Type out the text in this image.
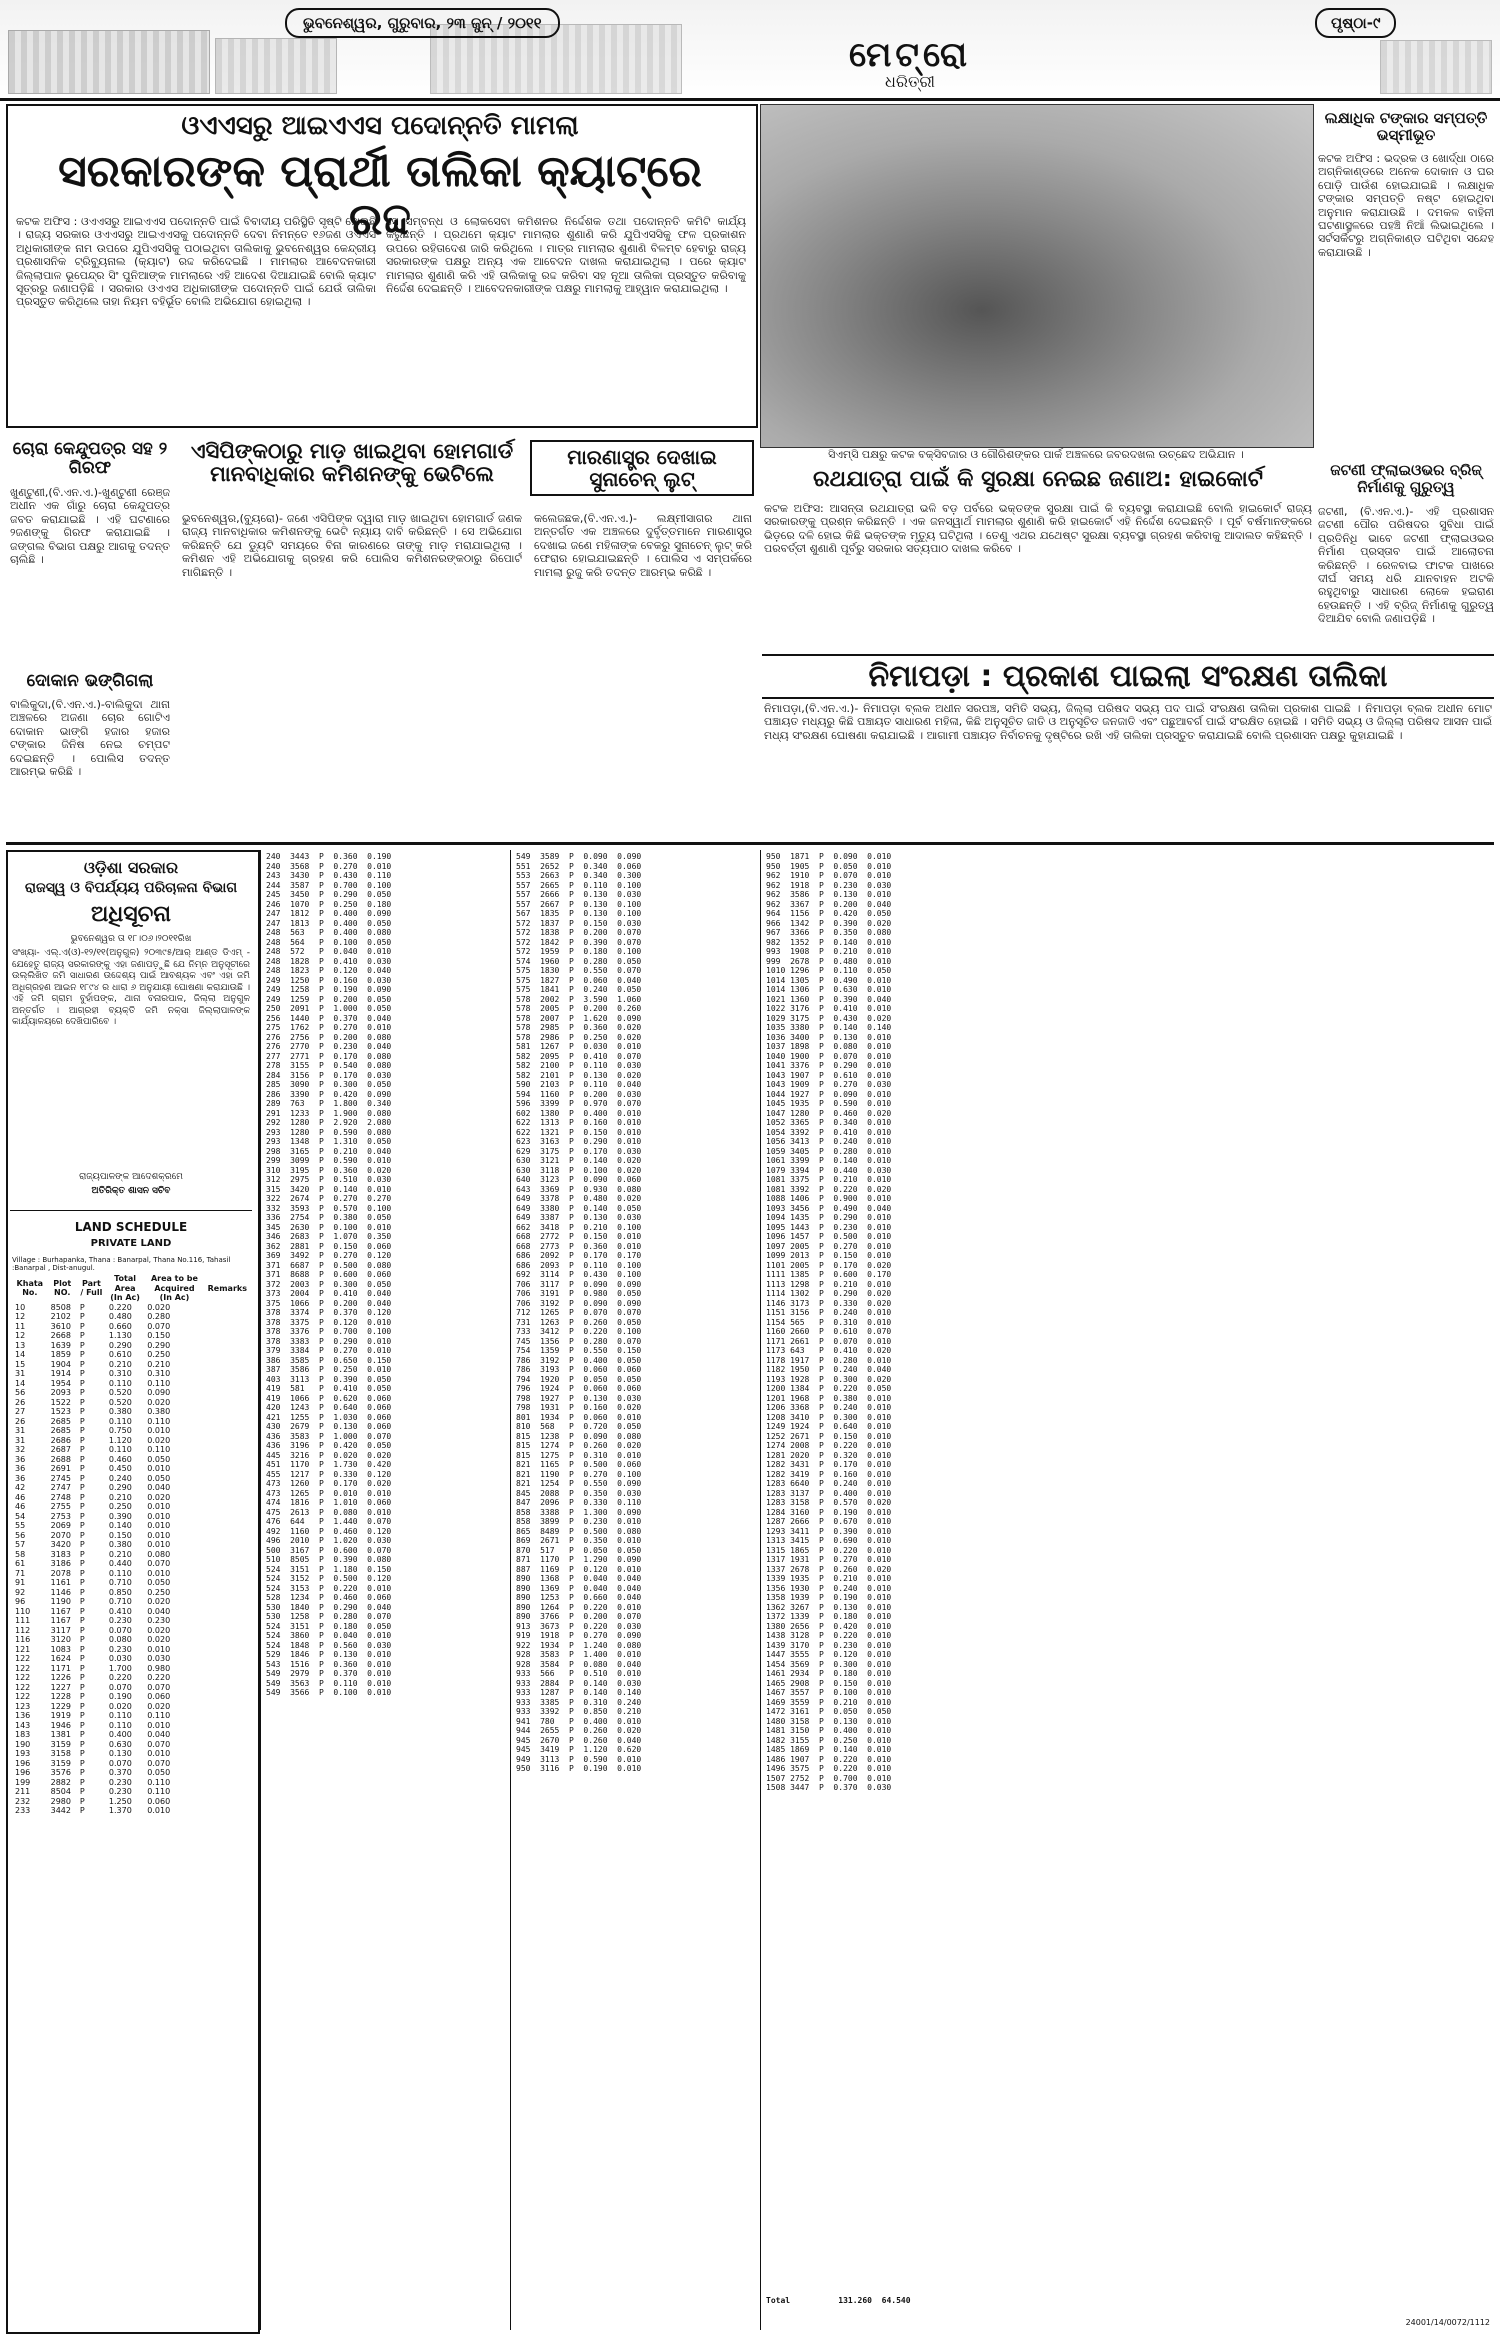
ଭୁବନେଶ୍ୱର, ଗୁରୁବାର, ୨୩ ଜୁନ୍ / ୨୦୧୧	ପୃଷ୍ଠା-୯
ମେଟ୍ରୋ
ଧରିତ୍ରୀ
ଓଏଏସରୁ ଆଇଏଏସ ପଦୋନ୍ନତି ମାମଲା
ସରକାରଙ୍କ ପ୍ରାର୍ଥୀ ତାଲିକା କ୍ୟାଟ୍‌ରେ ରଦ୍ଦ
କଟକ ଅଫିସ : ଓଏଏସରୁ ଆଇଏଏସ ପଦୋନ୍ନତି ପାଇଁ ବିବାଦୀୟ ପରିସ୍ଥିତି ସୃଷ୍ଟି ହୋଇଛି । ରାଜ୍ୟ ସରକାର ଓଏଏସରୁ ଆଇଏଏସକୁ ପଦୋନ୍ନତି ଦେବା ନିମନ୍ତେ ୧୬ଜଣ ଓଏଏସ ଅଧିକାରୀଙ୍କ ନାମ ଉପରେ ଯୁପିଏସସିକୁ ପଠାଇଥିବା ତାଲିକାକୁ ଭୁବନେଶ୍ୱର କେନ୍ଦ୍ରୀୟ ପ୍ରଶାସନିକ ଟ୍ରିବ୍ୟୁନାଲ (କ୍ୟାଟ) ରଦ୍ଦ କରିଦେଇଛି । ମାମଲାର ଆବେଦନକାରୀ ଜିଲ୍ଲାପାଳ ଭୂପେନ୍ଦ୍ର ସିଂ ପୁନିଆଙ୍କ ମାମଲାରେ ଏହି ଆଦେଶ ଦିଆଯାଇଛି ବୋଲି କ୍ୟାଟ ସୂତ୍ରରୁ ଜଣାପଡ଼ିଛି । ସରକାର ଓଏଏସ ଅଧିକାରୀଙ୍କ ପଦୋନ୍ନତି ପାଇଁ ଯେଉଁ ତାଲିକା ପ୍ରସ୍ତୁତ କରିଥିଲେ ତାହା ନିୟମ ବହିର୍ଭୂତ ବୋଲି ଅଭିଯୋଗ ହୋଇଥିଲା ।
ସେ ସମ୍ବନ୍ଧ ଓ ଲୋକସେବା କମିଶନର ନିର୍ଦ୍ଦେଶକ ତଥା ପଦୋନ୍ନତି କମିଟି କାର୍ଯ୍ୟ କରୁଛନ୍ତି । ପ୍ରଥମେ କ୍ୟାଟ ମାମଲାର ଶୁଣାଣି କରି ଯୁପିଏସସିକୁ ଫଳ ପ୍ରକାଶନ ଉପରେ ରହିତାଦେଶ ଜାରି କରିଥିଲେ । ମାତ୍ର ମାମଲାର ଶୁଣାଣି ବିଳମ୍ବ ହେବାରୁ ରାଜ୍ୟ ସରକାରଙ୍କ ପକ୍ଷରୁ ଅନ୍ୟ ଏକ ଆବେଦନ ଦାଖଲ କରାଯାଇଥିଲା । ପରେ କ୍ୟାଟ ମାମଲାର ଶୁଣାଣି କରି ଏହି ତାଲିକାକୁ ରଦ୍ଦ କରିବା ସହ ନୂଆ ତାଲିକା ପ୍ରସ୍ତୁତ କରିବାକୁ ନିର୍ଦ୍ଦେଶ ଦେଇଛନ୍ତି । ଆବେଦନକାରୀଙ୍କ ପକ୍ଷରୁ ମାମଲାକୁ ଆହ୍ୱାନ କରାଯାଇଥିଲା ।
ସିଏମ୍‌ସି ପକ୍ଷରୁ କଟକ ବକ୍ସିବଜାର ଓ ଗୌରିଶଙ୍କର ପାର୍କ ଅଞ୍ଚଳରେ ଜବରଦଖଲ ଉଚ୍ଛେଦ ଅଭିଯାନ ।
ଲକ୍ଷାଧିକ ଟଙ୍କାର ସମ୍ପତ୍ତି ଭସ୍ମୀଭୂତ
କଟକ ଅଫିସ : ଭଦ୍ରକ ଓ ଖୋର୍ଦ୍ଧା ଠାରେ ଅଗ୍ନିକାଣ୍ଡରେ ଅନେକ ଦୋକାନ ଓ ଘର ପୋଡ଼ି ପାଉଁଶ ହୋଇଯାଇଛି । ଲକ୍ଷାଧିକ ଟଙ୍କାର ସମ୍ପତ୍ତି ନଷ୍ଟ ହୋଇଥିବା ଅନୁମାନ କରାଯାଉଛି । ଦମକଳ ବାହିନୀ ଘଟଣାସ୍ଥଳରେ ପହଞ୍ଚି ନିଆଁ ଲିଭାଇଥିଲେ । ସର୍ଟସର୍କିଟରୁ ଅଗ୍ନିକାଣ୍ଡ ଘଟିଥିବା ସନ୍ଦେହ କରାଯାଉଛି ।
ଜଟଣୀ ଫ୍ଲାଇଓଭର ବ୍ରିଜ୍ ନିର୍ମାଣକୁ ଗୁରୁତ୍ୱ
ଜଟଣୀ, (ବି.ଏନ.ଏ.)- ଏହି ପ୍ରଶାସନ ଜଟଣୀ ପୌର ପରିଷଦର ସୁବିଧା ପାଇଁ ପ୍ରତିନିଧି ଭାବେ ଜଟଣୀ ଫ୍ଲାଇଓଭର ନିର୍ମାଣ ପ୍ରସ୍ତାବ ପାଇଁ ଆଲୋଚନା କରିଛନ୍ତି । ରେଳବାଇ ଫାଟକ ପାଖରେ ଦୀର୍ଘ ସମୟ ଧରି ଯାନବାହନ ଅଟକି ରହୁଥିବାରୁ ସାଧାରଣ ଲୋକେ ହଇରାଣ ହେଉଛନ୍ତି । ଏହି ବ୍ରିଜ୍ ନିର୍ମାଣକୁ ଗୁରୁତ୍ୱ ଦିଆଯିବ ବୋଲି ଜଣାପଡ଼ିଛି ।
ରଥଯାତ୍ରା ପାଇଁ କି ସୁରକ୍ଷା ନେଇଛ ଜଣାଅ: ହାଇକୋର୍ଟ
କଟକ ଅଫିସ: ଆସନ୍ତା ରଥଯାତ୍ରା ଭଳି ବଡ଼ ପର୍ବରେ ଭକ୍ତଙ୍କ ସୁରକ୍ଷା ପାଇଁ କି ବ୍ୟବସ୍ଥା କରାଯାଇଛି ବୋଲି ହାଇକୋର୍ଟ ରାଜ୍ୟ ସରକାରଙ୍କୁ ପ୍ରଶ୍ନ କରିଛନ୍ତି । ଏକ ଜନସ୍ୱାର୍ଥ ମାମଲାର ଶୁଣାଣି କରି ହାଇକୋର୍ଟ ଏହି ନିର୍ଦ୍ଦେଶ ଦେଇଛନ୍ତି । ପୂର୍ବ ବର୍ଷମାନଙ୍କରେ ଭିଡ଼ରେ ଦଳି ହୋଇ କିଛି ଭକ୍ତଙ୍କ ମୃତ୍ୟୁ ଘଟିଥିଲା । ତେଣୁ ଏଥର ଯଥେଷ୍ଟ ସୁରକ୍ଷା ବ୍ୟବସ୍ଥା ଗ୍ରହଣ କରିବାକୁ ଆଦାଲତ କହିଛନ୍ତି । ପରବର୍ତ୍ତୀ ଶୁଣାଣି ପୂର୍ବରୁ ସରକାର ସତ୍ୟପାଠ ଦାଖଲ କରିବେ ।
ନିମାପଡ଼ା : ପ୍ରକାଶ ପାଇଲା ସଂରକ୍ଷଣ ତାଲିକା
ନିମାପଡ଼ା,(ବି.ଏନ.ଏ.)- ନିମାପଡ଼ା ବ୍ଲକ ଅଧୀନ ସରପଞ୍ଚ, ସମିତି ସଭ୍ୟ, ଜିଲ୍ଲା ପରିଷଦ ସଭ୍ୟ ପଦ ପାଇଁ ସଂରକ୍ଷଣ ତାଲିକା ପ୍ରକାଶ ପାଇଛି । ନିମାପଡ଼ା ବ୍ଲକ ଅଧୀନ ମୋଟ ପଞ୍ଚାୟତ ମଧ୍ୟରୁ କିଛି ପଞ୍ଚାୟତ ସାଧାରଣ ମହିଳା, କିଛି ଅନୁସୂଚିତ ଜାତି ଓ ଅନୁସୂଚିତ ଜନଜାତି ଏବଂ ପଛୁଆବର୍ଗ ପାଇଁ ସଂରକ୍ଷିତ ହୋଇଛି । ସମିତି ସଭ୍ୟ ଓ ଜିଲ୍ଲା ପରିଷଦ ଆସନ ପାଇଁ ମଧ୍ୟ ସଂରକ୍ଷଣ ଘୋଷଣା କରାଯାଇଛି । ଆଗାମୀ ପଞ୍ଚାୟତ ନିର୍ବାଚନକୁ ଦୃଷ୍ଟିରେ ରଖି ଏହି ତାଲିକା ପ୍ରସ୍ତୁତ କରାଯାଇଛି ବୋଲି ପ୍ରଶାସନ ପକ୍ଷରୁ କୁହାଯାଇଛି ।
ଚୋରା କେନ୍ଦୁପତ୍ର ସହ ୨ ଗିରଫ
ଖୁଣ୍ଟୁଣୀ,(ବି.ଏନ.ଏ.)-ଖୁଣ୍ଟୁଣୀ ରେଞ୍ଜ ଅଧୀନ ଏକ ଗାଁରୁ ଚୋରା କେନ୍ଦୁପତ୍ର ଜବତ କରାଯାଇଛି । ଏହି ଘଟଣାରେ ୨ଜଣଙ୍କୁ ଗିରଫ କରାଯାଇଛି । ଜଙ୍ଗଲ ବିଭାଗ ପକ୍ଷରୁ ଆଗକୁ ତଦନ୍ତ ଚାଲିଛି ।
ଦୋକାନ ଭଙ୍ଗିଗଲା
ବାଲିକୁଦା,(ବି.ଏନ.ଏ.)-ବାଲିକୁଦା ଥାନା ଅଞ୍ଚଳରେ ଅଜଣା ଚୋର ଗୋଟିଏ ଦୋକାନ ଭାଙ୍ଗି ହଜାର ହଜାର ଟଙ୍କାର ଜିନିଷ ନେଇ ଚମ୍ପଟ ଦେଇଛନ୍ତି । ପୋଲିସ ତଦନ୍ତ ଆରମ୍ଭ କରିଛି ।
ଏସିପିଙ୍କଠାରୁ ମାଡ଼ ଖାଇଥିବା ହୋମଗାର୍ଡ ମାନବାଧିକାର କମିଶନଙ୍କୁ ଭେଟିଲେ
ଭୁବନେଶ୍ୱର,(ବ୍ୟୁରୋ)- ଜଣେ ଏସିପିଙ୍କ ଦ୍ୱାରା ମାଡ଼ ଖାଇଥିବା ହୋମଗାର୍ଡ ଜଣକ ରାଜ୍ୟ ମାନବାଧିକାର କମିଶନଙ୍କୁ ଭେଟି ନ୍ୟାୟ ଦାବି କରିଛନ୍ତି । ସେ ଅଭିଯୋଗ କରିଛନ୍ତି ଯେ ଡ୍ୟୁଟି ସମୟରେ ବିନା କାରଣରେ ତାଙ୍କୁ ମାଡ଼ ମରାଯାଇଥିଲା । କମିଶନ ଏହି ଅଭିଯୋଗକୁ ଗ୍ରହଣ କରି ପୋଲିସ କମିଶନରଙ୍କଠାରୁ ରିପୋର୍ଟ ମାଗିଛନ୍ତି ।
ମାରଣାସ୍ତ୍ର ଦେଖାଇ ସୁନାଚେନ୍ ଲୁଟ୍
କଲେଜଛକ,(ବି.ଏନ.ଏ.)- ଲକ୍ଷ୍ମୀସାଗର ଥାନା ଅନ୍ତର୍ଗତ ଏକ ଅଞ୍ଚଳରେ ଦୁର୍ବୃତ୍ତମାନେ ମାରଣାସ୍ତ୍ର ଦେଖାଇ ଜଣେ ମହିଳାଙ୍କ ବେକରୁ ସୁନାଚେନ୍ ଲୁଟ୍ କରି ଫେରାର ହୋଇଯାଇଛନ୍ତି । ପୋଲିସ ଏ ସମ୍ପର୍କରେ ମାମଲା ରୁଜୁ କରି ତଦନ୍ତ ଆରମ୍ଭ କରିଛି ।
ଓଡ଼ିଶା ସରକାର
ରାଜସ୍ୱ ଓ ବିପର୍ଯ୍ୟୟ ପରିଚାଳନା ବିଭାଗ
ଅଧିସୂଚନା
ଭୁବନେଶ୍ୱର ତା ୧୮।୦୬।୨୦୧୧ରିଖ
ସଂଖ୍ୟା- ଏଲ୍.ଏ(ଓ)-୧୨/୧୧(ଅନୁଗୁଳ) ୨୦୩୯୫/ଆର୍ ଆଣ୍ଡ ଡିଏମ୍ - ଯେହେତୁ ରାଜ୍ୟ ସରକାରଙ୍କୁ ଏହା ଜଣାପଡ଼ୁଛି ଯେ ନିମ୍ନ ଅନୁସୂଚୀରେ ଉଲ୍ଲିଖିତ ଜମି ସାଧାରଣ ଉଦ୍ଦେଶ୍ୟ ପାଇଁ ଆବଶ୍ୟକ ଏବଂ ଏହା ଜମି ଅଧିଗ୍ରହଣ ଆଇନ ୧୮୯୪ ର ଧାରା ୬ ଅନୁଯାୟୀ ଘୋଷଣା କରାଯାଉଛି । ଏହି ଜମି ଗ୍ରାମ ବୁର୍ହାପଙ୍କ, ଥାନା ବନାରପାଳ, ଜିଲ୍ଲା ଅନୁଗୁଳ ଅନ୍ତର୍ଗତ । ଆଗ୍ରହୀ ବ୍ୟକ୍ତି ଜମି ନକ୍ସା ଜିଲ୍ଲାପାଳଙ୍କ କାର୍ଯ୍ୟାଳୟରେ ଦେଖିପାରିବେ ।
ରାଜ୍ୟପାଳଙ୍କ ଆଦେଶକ୍ରମେ
ଅତିରିକ୍ତ ଶାସନ ସଚିବ
LAND SCHEDULE
PRIVATE LAND
Village : Burhapanka, Thana : Banarpal, Thana No.116, Tahasil :Banarpal , Dist-anugul.
Khata No.	Plot NO.	Part / Full	Total Area (In Ac)	Area to be Acquired (In Ac)	Remarks
10	8508	P	0.220	0.020	
12	2102	P	0.480	0.280	
11	3610	P	0.660	0.070	
12	2668	P	1.130	0.150	
13	1639	P	0.290	0.290	
14	1859	P	0.610	0.250	
15	1904	P	0.210	0.210	
31	1914	P	0.310	0.310	
14	1954	P	0.110	0.110	
56	2093	P	0.520	0.090	
26	1522	P	0.520	0.020	
27	1523	P	0.380	0.380	
26	2685	P	0.110	0.110	
31	2685	P	0.750	0.010	
31	2686	P	1.120	0.020	
32	2687	P	0.110	0.110	
36	2688	P	0.460	0.050	
36	2691	P	0.450	0.010	
36	2745	P	0.240	0.050	
42	2747	P	0.290	0.040	
46	2748	P	0.210	0.020	
46	2755	P	0.250	0.010	
54	2753	P	0.390	0.010	
55	2069	P	0.140	0.010	
56	2070	P	0.150	0.010	
57	3420	P	0.380	0.010	
58	3183	P	0.210	0.080	
61	3186	P	0.440	0.070	
71	2078	P	0.110	0.010	
91	1161	P	0.710	0.050	
92	1146	P	0.850	0.250	
96	1190	P	0.710	0.020	
110	1167	P	0.410	0.040	
111	1167	P	0.230	0.230	
112	3117	P	0.070	0.020	
116	3120	P	0.080	0.020	
121	1083	P	0.230	0.010	
122	1624	P	0.030	0.030	
122	1171	P	1.700	0.980	
122	1226	P	0.220	0.220	
122	1227	P	0.070	0.070	
122	1228	P	0.190	0.060	
123	1229	P	0.020	0.020	
136	1919	P	0.110	0.110	
143	1946	P	0.110	0.010	
183	1381	P	0.400	0.040	
190	3159	P	0.630	0.070	
193	3158	P	0.130	0.010	
196	3159	P	0.070	0.070	
196	3576	P	0.370	0.050	
199	2882	P	0.230	0.110	
211	8504	P	0.230	0.110	
232	2980	P	1.250	0.060	
233	3442	P	1.370	0.010	
240  3443  P  0.360  0.190
240  3568  P  0.270  0.010
243  3430  P  0.430  0.110
244  3587  P  0.700  0.100
245  3450  P  0.290  0.050
246  1070  P  0.250  0.180
247  1812  P  0.400  0.090
247  1813  P  0.400  0.050
248  563   P  0.400  0.080
248  564   P  0.100  0.050
248  572   P  0.040  0.010
248  1828  P  0.410  0.030
248  1823  P  0.120  0.040
249  1250  P  0.160  0.030
249  1258  P  0.190  0.090
249  1259  P  0.200  0.050
250  2091  P  1.000  0.050
256  1440  P  0.370  0.040
275  1762  P  0.270  0.010
276  2756  P  0.200  0.080
276  2770  P  0.230  0.040
277  2771  P  0.170  0.080
278  3155  P  0.540  0.080
284  3156  P  0.170  0.030
285  3090  P  0.300  0.050
286  3390  P  0.420  0.090
289  763   P  1.800  0.340
291  1233  P  1.900  0.080
292  1280  P  2.920  2.080
293  1280  P  0.590  0.080
293  1348  P  1.310  0.050
298  3165  P  0.210  0.040
299  3099  P  0.590  0.010
310  3195  P  0.360  0.020
312  2975  P  0.510  0.030
315  3420  P  0.140  0.010
322  2674  P  0.270  0.270
332  3593  P  0.570  0.100
336  2754  P  0.380  0.050
345  2630  P  0.100  0.010
346  2683  P  1.070  0.350
362  2881  P  0.150  0.060
369  3492  P  0.270  0.120
371  6687  P  0.500  0.080
371  8688  P  0.600  0.060
372  2003  P  0.300  0.050
373  2004  P  0.410  0.040
375  1066  P  0.200  0.040
378  3374  P  0.370  0.120
378  3375  P  0.120  0.010
378  3376  P  0.700  0.100
378  3383  P  0.290  0.010
379  3384  P  0.270  0.010
386  3585  P  0.650  0.150
387  3586  P  0.250  0.010
403  3113  P  0.390  0.050
419  581   P  0.410  0.050
419  1066  P  0.620  0.060
420  1243  P  0.640  0.060
421  1255  P  1.030  0.060
430  2679  P  0.130  0.060
436  3583  P  1.000  0.070
436  3196  P  0.420  0.050
445  3216  P  0.020  0.020
451  1170  P  1.730  0.420
455  1217  P  0.330  0.120
473  1260  P  0.170  0.020
473  1265  P  0.010  0.010
474  1816  P  1.010  0.060
475  2613  P  0.080  0.010
476  644   P  1.440  0.070
492  1160  P  0.460  0.120
496  2010  P  1.020  0.030
500  3167  P  0.600  0.070
510  8505  P  0.390  0.080
524  3151  P  1.180  0.150
524  3152  P  0.500  0.120
524  3153  P  0.220  0.010
528  1234  P  0.460  0.060
530  1840  P  0.290  0.040
530  1258  P  0.280  0.070
524  3151  P  0.180  0.050
524  3860  P  0.040  0.010
524  1848  P  0.560  0.030
529  1846  P  0.130  0.010
543  1516  P  0.360  0.010
549  2979  P  0.370  0.010
549  3563  P  0.110  0.010
549  3566  P  0.100  0.010
549  3589  P  0.090  0.090
551  2652  P  0.340  0.060
553  2663  P  0.340  0.300
557  2665  P  0.110  0.100
557  2666  P  0.130  0.030
557  2667  P  0.130  0.100
567  1835  P  0.130  0.100
572  1837  P  0.150  0.030
572  1838  P  0.200  0.070
572  1842  P  0.390  0.070
572  1959  P  0.180  0.100
574  1960  P  0.280  0.050
575  1830  P  0.550  0.070
575  1827  P  0.060  0.040
575  1841  P  0.240  0.050
578  2002  P  3.590  1.060
578  2005  P  0.200  0.260
578  2007  P  1.620  0.090
578  2985  P  0.360  0.020
578  2986  P  0.250  0.020
581  1267  P  0.030  0.010
582  2095  P  0.410  0.070
582  2100  P  0.110  0.030
582  2101  P  0.130  0.020
590  2103  P  0.110  0.040
594  1160  P  0.200  0.030
596  3399  P  0.970  0.070
602  1380  P  0.400  0.010
622  1313  P  0.160  0.010
622  1321  P  0.150  0.010
623  3163  P  0.290  0.010
629  3175  P  0.170  0.030
630  3121  P  0.140  0.020
630  3118  P  0.100  0.020
640  3123  P  0.090  0.060
643  3369  P  0.930  0.080
649  3378  P  0.480  0.020
649  3380  P  0.140  0.050
649  3387  P  0.130  0.030
662  3418  P  0.210  0.100
668  2772  P  0.150  0.010
668  2773  P  0.360  0.010
686  2092  P  0.170  0.170
686  2093  P  0.110  0.100
692  3114  P  0.430  0.100
706  3117  P  0.090  0.090
706  3191  P  0.980  0.050
706  3192  P  0.090  0.090
712  1265  P  0.070  0.070
731  1263  P  0.260  0.050
733  3412  P  0.220  0.100
745  1356  P  0.280  0.070
754  1359  P  0.550  0.150
786  3192  P  0.400  0.050
786  3193  P  0.060  0.060
794  1920  P  0.050  0.050
796  1924  P  0.060  0.060
798  1927  P  0.130  0.030
798  1931  P  0.160  0.020
801  1934  P  0.060  0.010
810  568   P  0.720  0.050
815  1238  P  0.090  0.080
815  1274  P  0.260  0.020
815  1275  P  0.310  0.010
821  1165  P  0.500  0.060
821  1190  P  0.270  0.100
821  1254  P  0.550  0.090
845  2088  P  0.350  0.030
847  2096  P  0.330  0.110
858  3388  P  1.300  0.090
858  3899  P  0.230  0.010
865  8489  P  0.500  0.080
869  2671  P  0.350  0.010
870  517   P  0.050  0.050
871  1170  P  1.290  0.090
887  1169  P  0.120  0.010
890  1368  P  0.040  0.040
890  1369  P  0.040  0.040
890  1253  P  0.660  0.040
890  1264  P  0.220  0.010
890  3766  P  0.200  0.070
913  3673  P  0.220  0.030
919  1918  P  0.270  0.090
922  1934  P  1.240  0.080
928  3583  P  1.400  0.010
928  3584  P  0.080  0.040
933  566   P  0.510  0.010
933  2884  P  0.140  0.030
933  1287  P  0.140  0.140
933  3385  P  0.310  0.240
933  3392  P  0.850  0.210
941  780   P  0.400  0.010
944  2655  P  0.260  0.020
945  2670  P  0.260  0.040
945  3419  P  1.120  0.620
949  3113  P  0.590  0.010
950  3116  P  0.190  0.010
950  1871  P  0.090  0.010
950  1905  P  0.050  0.010
962  1910  P  0.070  0.010
962  1918  P  0.230  0.030
962  3586  P  0.130  0.010
962  3367  P  0.200  0.040
964  1156  P  0.420  0.050
966  1342  P  0.390  0.020
967  3366  P  0.350  0.080
982  1352  P  0.140  0.010
993  1908  P  0.210  0.010
999  2678  P  0.480  0.010
1010 1296  P  0.110  0.050
1014 1305  P  0.490  0.010
1014 1306  P  0.630  0.010
1021 1360  P  0.390  0.040
1022 3176  P  0.410  0.010
1029 3175  P  0.430  0.020
1035 3380  P  0.140  0.140
1036 3400  P  0.130  0.010
1037 1898  P  0.080  0.010
1040 1900  P  0.070  0.010
1041 3376  P  0.290  0.010
1043 1907  P  0.610  0.010
1043 1909  P  0.270  0.030
1044 1927  P  0.090  0.010
1045 1935  P  0.590  0.010
1047 1280  P  0.460  0.020
1052 3365  P  0.340  0.010
1054 3392  P  0.410  0.010
1056 3413  P  0.240  0.010
1059 3405  P  0.280  0.010
1061 3399  P  0.140  0.010
1079 3394  P  0.440  0.030
1081 3375  P  0.210  0.010
1081 3392  P  0.220  0.020
1088 1406  P  0.900  0.010
1093 3456  P  0.490  0.040
1094 1435  P  0.290  0.010
1095 1443  P  0.230  0.010
1096 1457  P  0.500  0.010
1097 2005  P  0.270  0.010
1099 2013  P  0.150  0.010
1101 2005  P  0.170  0.020
1111 1385  P  0.600  0.170
1113 1298  P  0.210  0.010
1114 1302  P  0.290  0.020
1146 3173  P  0.330  0.020
1151 3156  P  0.240  0.010
1154 565   P  0.310  0.010
1160 2660  P  0.610  0.070
1171 2661  P  0.070  0.010
1173 643   P  0.410  0.020
1178 1917  P  0.280  0.010
1182 1950  P  0.240  0.040
1193 1928  P  0.300  0.020
1200 1384  P  0.220  0.050
1201 1968  P  0.380  0.010
1206 3368  P  0.240  0.010
1208 3410  P  0.300  0.010
1249 1924  P  0.640  0.010
1252 2671  P  0.150  0.010
1274 2008  P  0.220  0.010
1281 2020  P  0.320  0.010
1282 3431  P  0.170  0.010
1282 3419  P  0.160  0.010
1283 6640  P  0.240  0.010
1283 3137  P  0.400  0.010
1283 3158  P  0.570  0.020
1284 3160  P  0.190  0.010
1287 2666  P  0.670  0.010
1293 3411  P  0.390  0.010
1313 3415  P  0.690  0.010
1315 1865  P  0.220  0.010
1317 1931  P  0.270  0.010
1337 2678  P  0.260  0.020
1339 1935  P  0.210  0.010
1356 1930  P  0.240  0.010
1358 1939  P  0.190  0.010
1362 3267  P  0.130  0.010
1372 1339  P  0.180  0.010
1380 2656  P  0.420  0.010
1438 3128  P  0.220  0.010
1439 3170  P  0.230  0.010
1447 3555  P  0.120  0.010
1454 3569  P  0.300  0.010
1461 2934  P  0.180  0.010
1465 2908  P  0.150  0.010
1467 3557  P  0.100  0.010
1469 3559  P  0.210  0.010
1472 3161  P  0.050  0.050
1480 3158  P  0.130  0.010
1481 3150  P  0.400  0.010
1482 3155  P  0.250  0.010
1485 1869  P  0.140  0.010
1486 1907  P  0.220  0.010
1496 3575  P  0.220  0.010
1507 2752  P  0.700  0.010
1508 3447  P  0.370  0.030
Total	131.260 64.540
24001/14/0072/1112
